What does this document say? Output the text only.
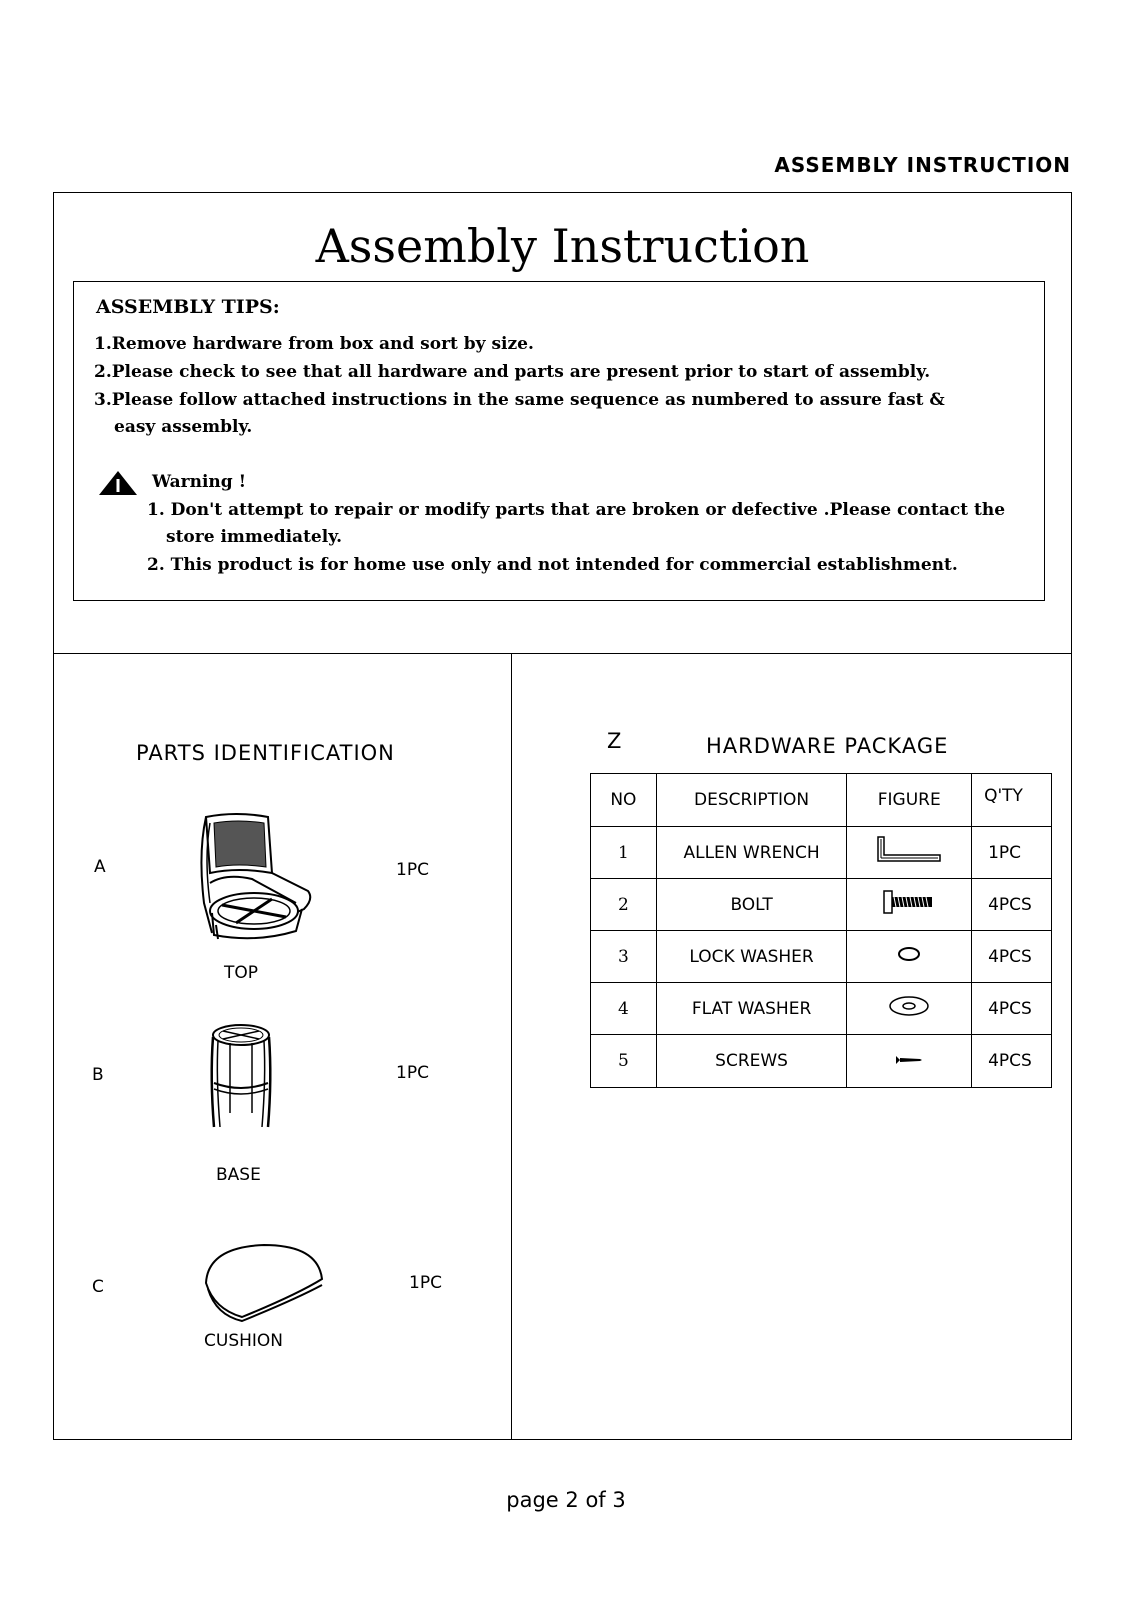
ASSEMBLY INSTRUCTION
Assembly Instruction
ASSEMBLY TIPS:
1.Remove hardware from box and sort by size.
2.Please check to see that all hardware and parts are present prior to start of assembly.
3.Please follow attached instructions in the same sequence as numbered to assure fast &
easy assembly.
Warning !
1. Don't attempt to repair or modify parts that are broken or defective .Please contact the
store immediately.
2. This product is for home use only and not intended for commercial establishment.
PARTS IDENTIFICATION
A	1PC
TOP
B	1PC
BASE
C	1PC
CUSHION
Z	HARDWARE PACKAGE
NO	DESCRIPTION	FIGURE	Q'TY
1	ALLEN WRENCH		1PC
2	BOLT		4PCS
3	LOCK WASHER		4PCS
4	FLAT WASHER		4PCS
5	SCREWS		4PCS
page 2 of 3
